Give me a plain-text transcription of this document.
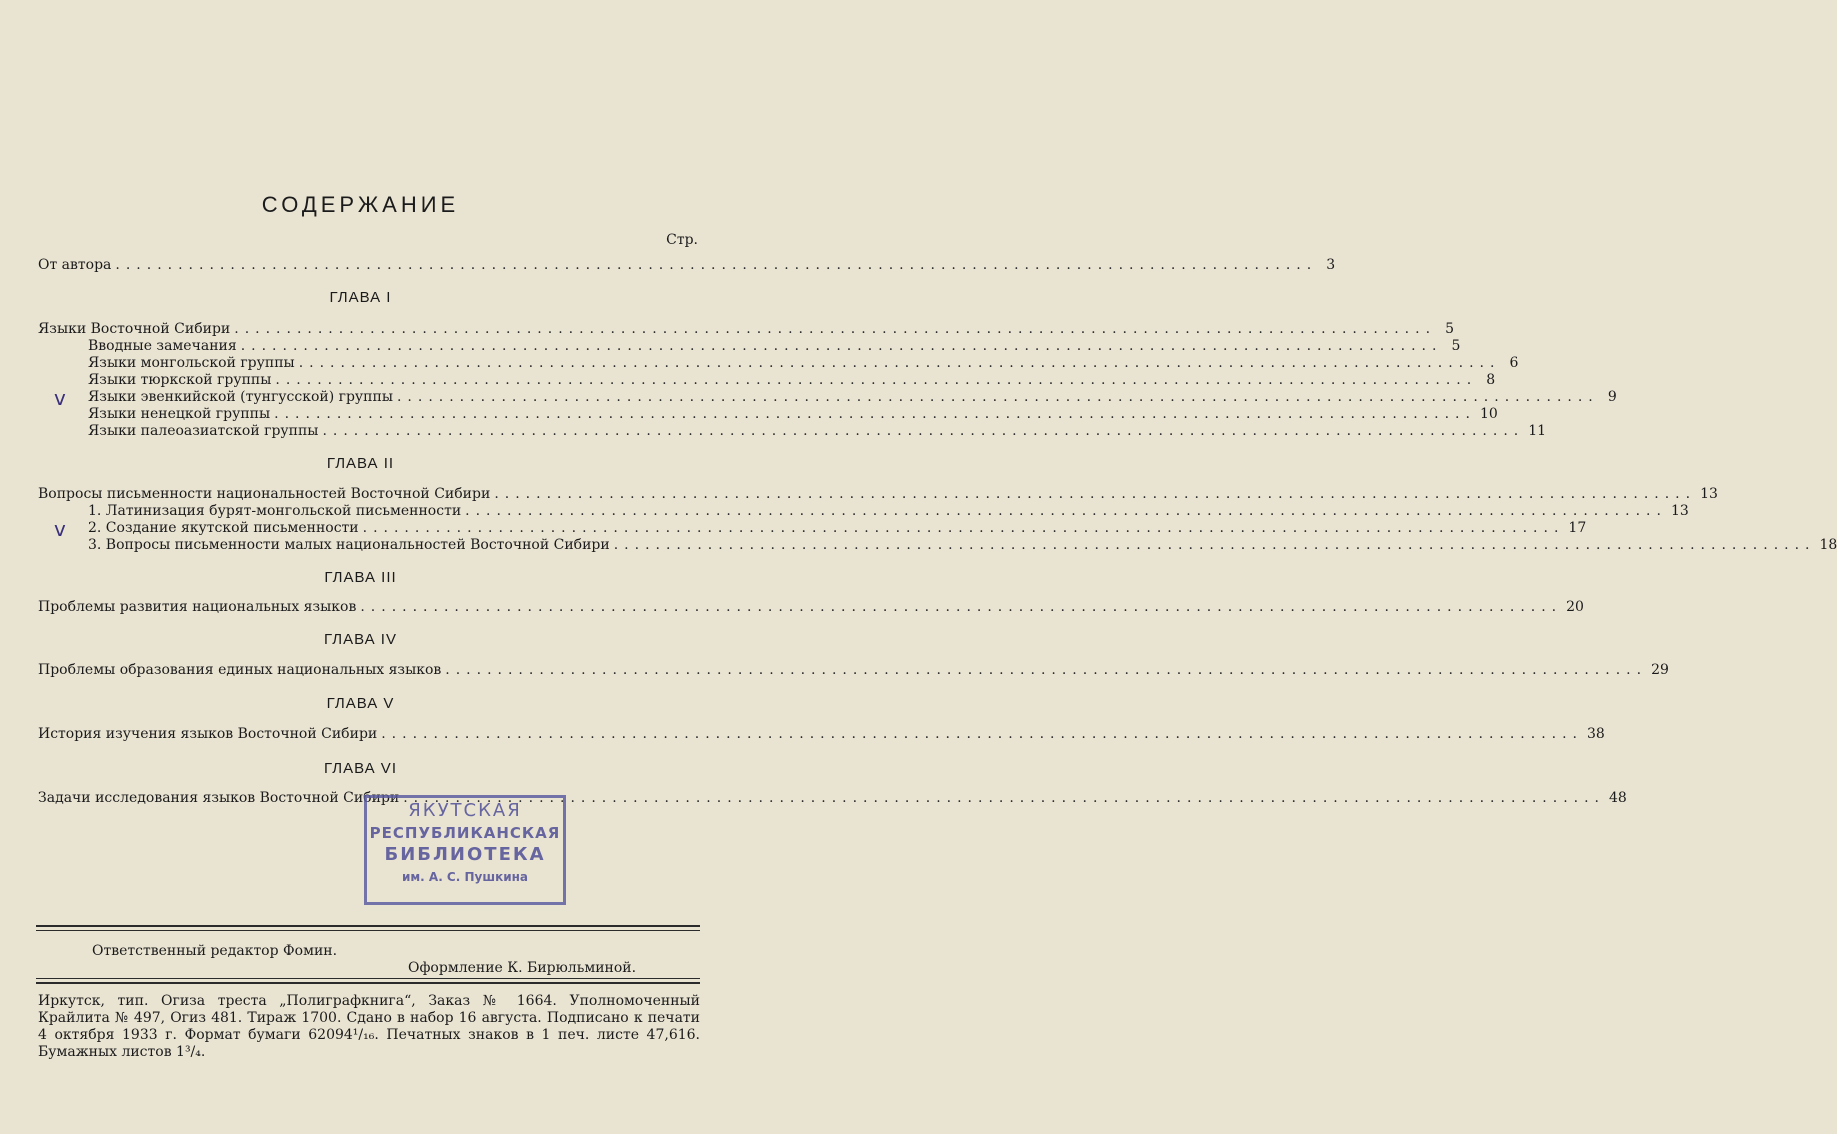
СОДЕРЖАНИЕ
Стр.
От автора ................................................................................................................... 3
ГЛАВА I
Языки Восточной Сибири ................................................................................................................... 5
Вводные замечания ................................................................................................................... 5
Языки монгольской группы ................................................................................................................... 6
Языки тюркской группы ................................................................................................................... 8
v Языки эвенкийской (тунгусской) группы ................................................................................................................... 9
Языки ненецкой группы ................................................................................................................... 10
Языки палеоазиатской группы ................................................................................................................... 11
ГЛАВА II
Вопросы письменности национальностей Восточной Сибири ................................................................................................................... 13
1. Латинизация бурят-монгольской письменности ................................................................................................................... 13
v 2. Создание якутской письменности ................................................................................................................... 17
3. Вопросы письменности малых национальностей Восточной Сибири ................................................................................................................... 18
ГЛАВА III
Проблемы развития национальных языков ................................................................................................................... 20
ГЛАВА IV
Проблемы образования единых национальных языков ................................................................................................................... 29
ГЛАВА V
История изучения языков Восточной Сибири ................................................................................................................... 38
ГЛАВА VI
Задачи исследования языков Восточной Сибири ................................................................................................................... 48
ЯКУТСКАЯ
РЕСПУБЛИКАНСКАЯ
БИБЛИОТЕКА
им. А. С. Пушкина
Ответственный редактор Фомин.
Оформление К. Бирюльминой.
Иркутск, тип. Огиза треста „Полиграфкнига“, Заказ № 1664. Уполномоченный Крайлита № 497, Огиз 481. Тираж 1700. Сдано в набор 16 августа. Подписано к печати 4 октября 1933 г. Формат бумаги 62094¹/₁₆. Печатных знаков в 1 печ. листе 47,616. Бумажных листов 1³/₄.
